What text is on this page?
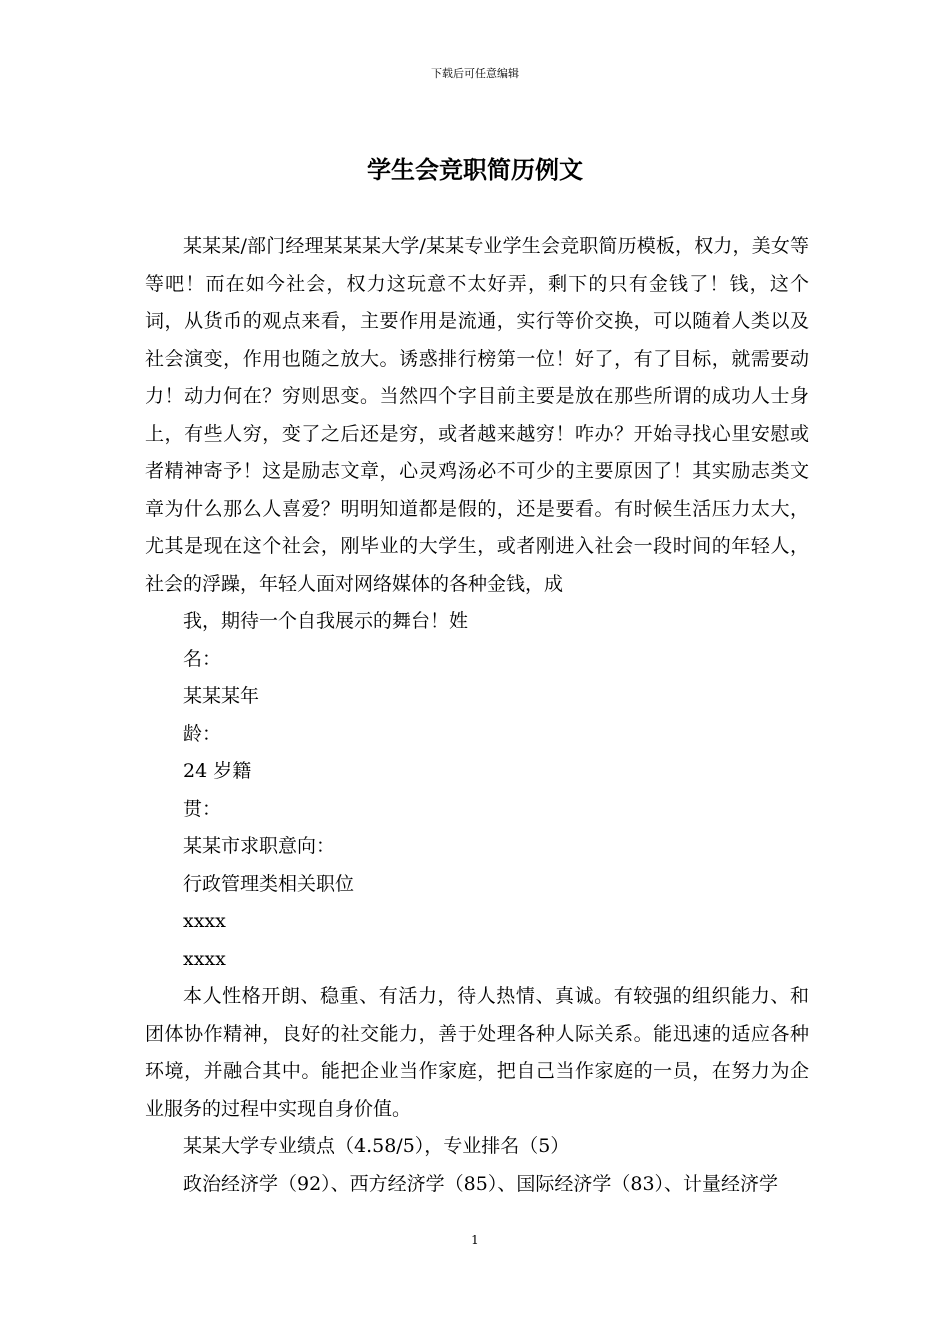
下载后可任意编辑
学生会竞职简历例文

某某某/部门经理某某某大学/某某专业学生会竞职简历模板，权力，美女等等吧！而在如今社会，权力这玩意不太好弄，剩下的只有金钱了！钱，这个词，从货币的观点来看，主要作用是流通，实行等价交换，可以随着人类以及社会演变，作用也随之放大。诱惑排行榜第一位！好了，有了目标，就需要动力！动力何在？穷则思变。当然四个字目前主要是放在那些所谓的成功人士身上，有些人穷，变了之后还是穷，或者越来越穷！咋办？开始寻找心里安慰或者精神寄予！这是励志文章，心灵鸡汤必不可少的主要原因了！其实励志类文章为什么那么人喜爱？明明知道都是假的，还是要看。有时候生活压力太大，尤其是现在这个社会，刚毕业的大学生，或者刚进入社会一段时间的年轻人，社会的浮躁，年轻人面对网络媒体的各种金钱，成

我，期待一个自我展示的舞台！姓

名：

某某某年

龄：

24 岁籍

贯：

某某市求职意向：

行政管理类相关职位

xxxx

xxxx

本人性格开朗、稳重、有活力，待人热情、真诚。有较强的组织能力、和团体协作精神，良好的社交能力，善于处理各种人际关系。能迅速的适应各种环境，并融合其中。能把企业当作家庭，把自己当作家庭的一员，在努力为企业服务的过程中实现自身价值。

某某大学专业绩点（4.58/5），专业排名（5）

政治经济学（92）、西方经济学（85）、国际经济学（83）、计量经济学

1
